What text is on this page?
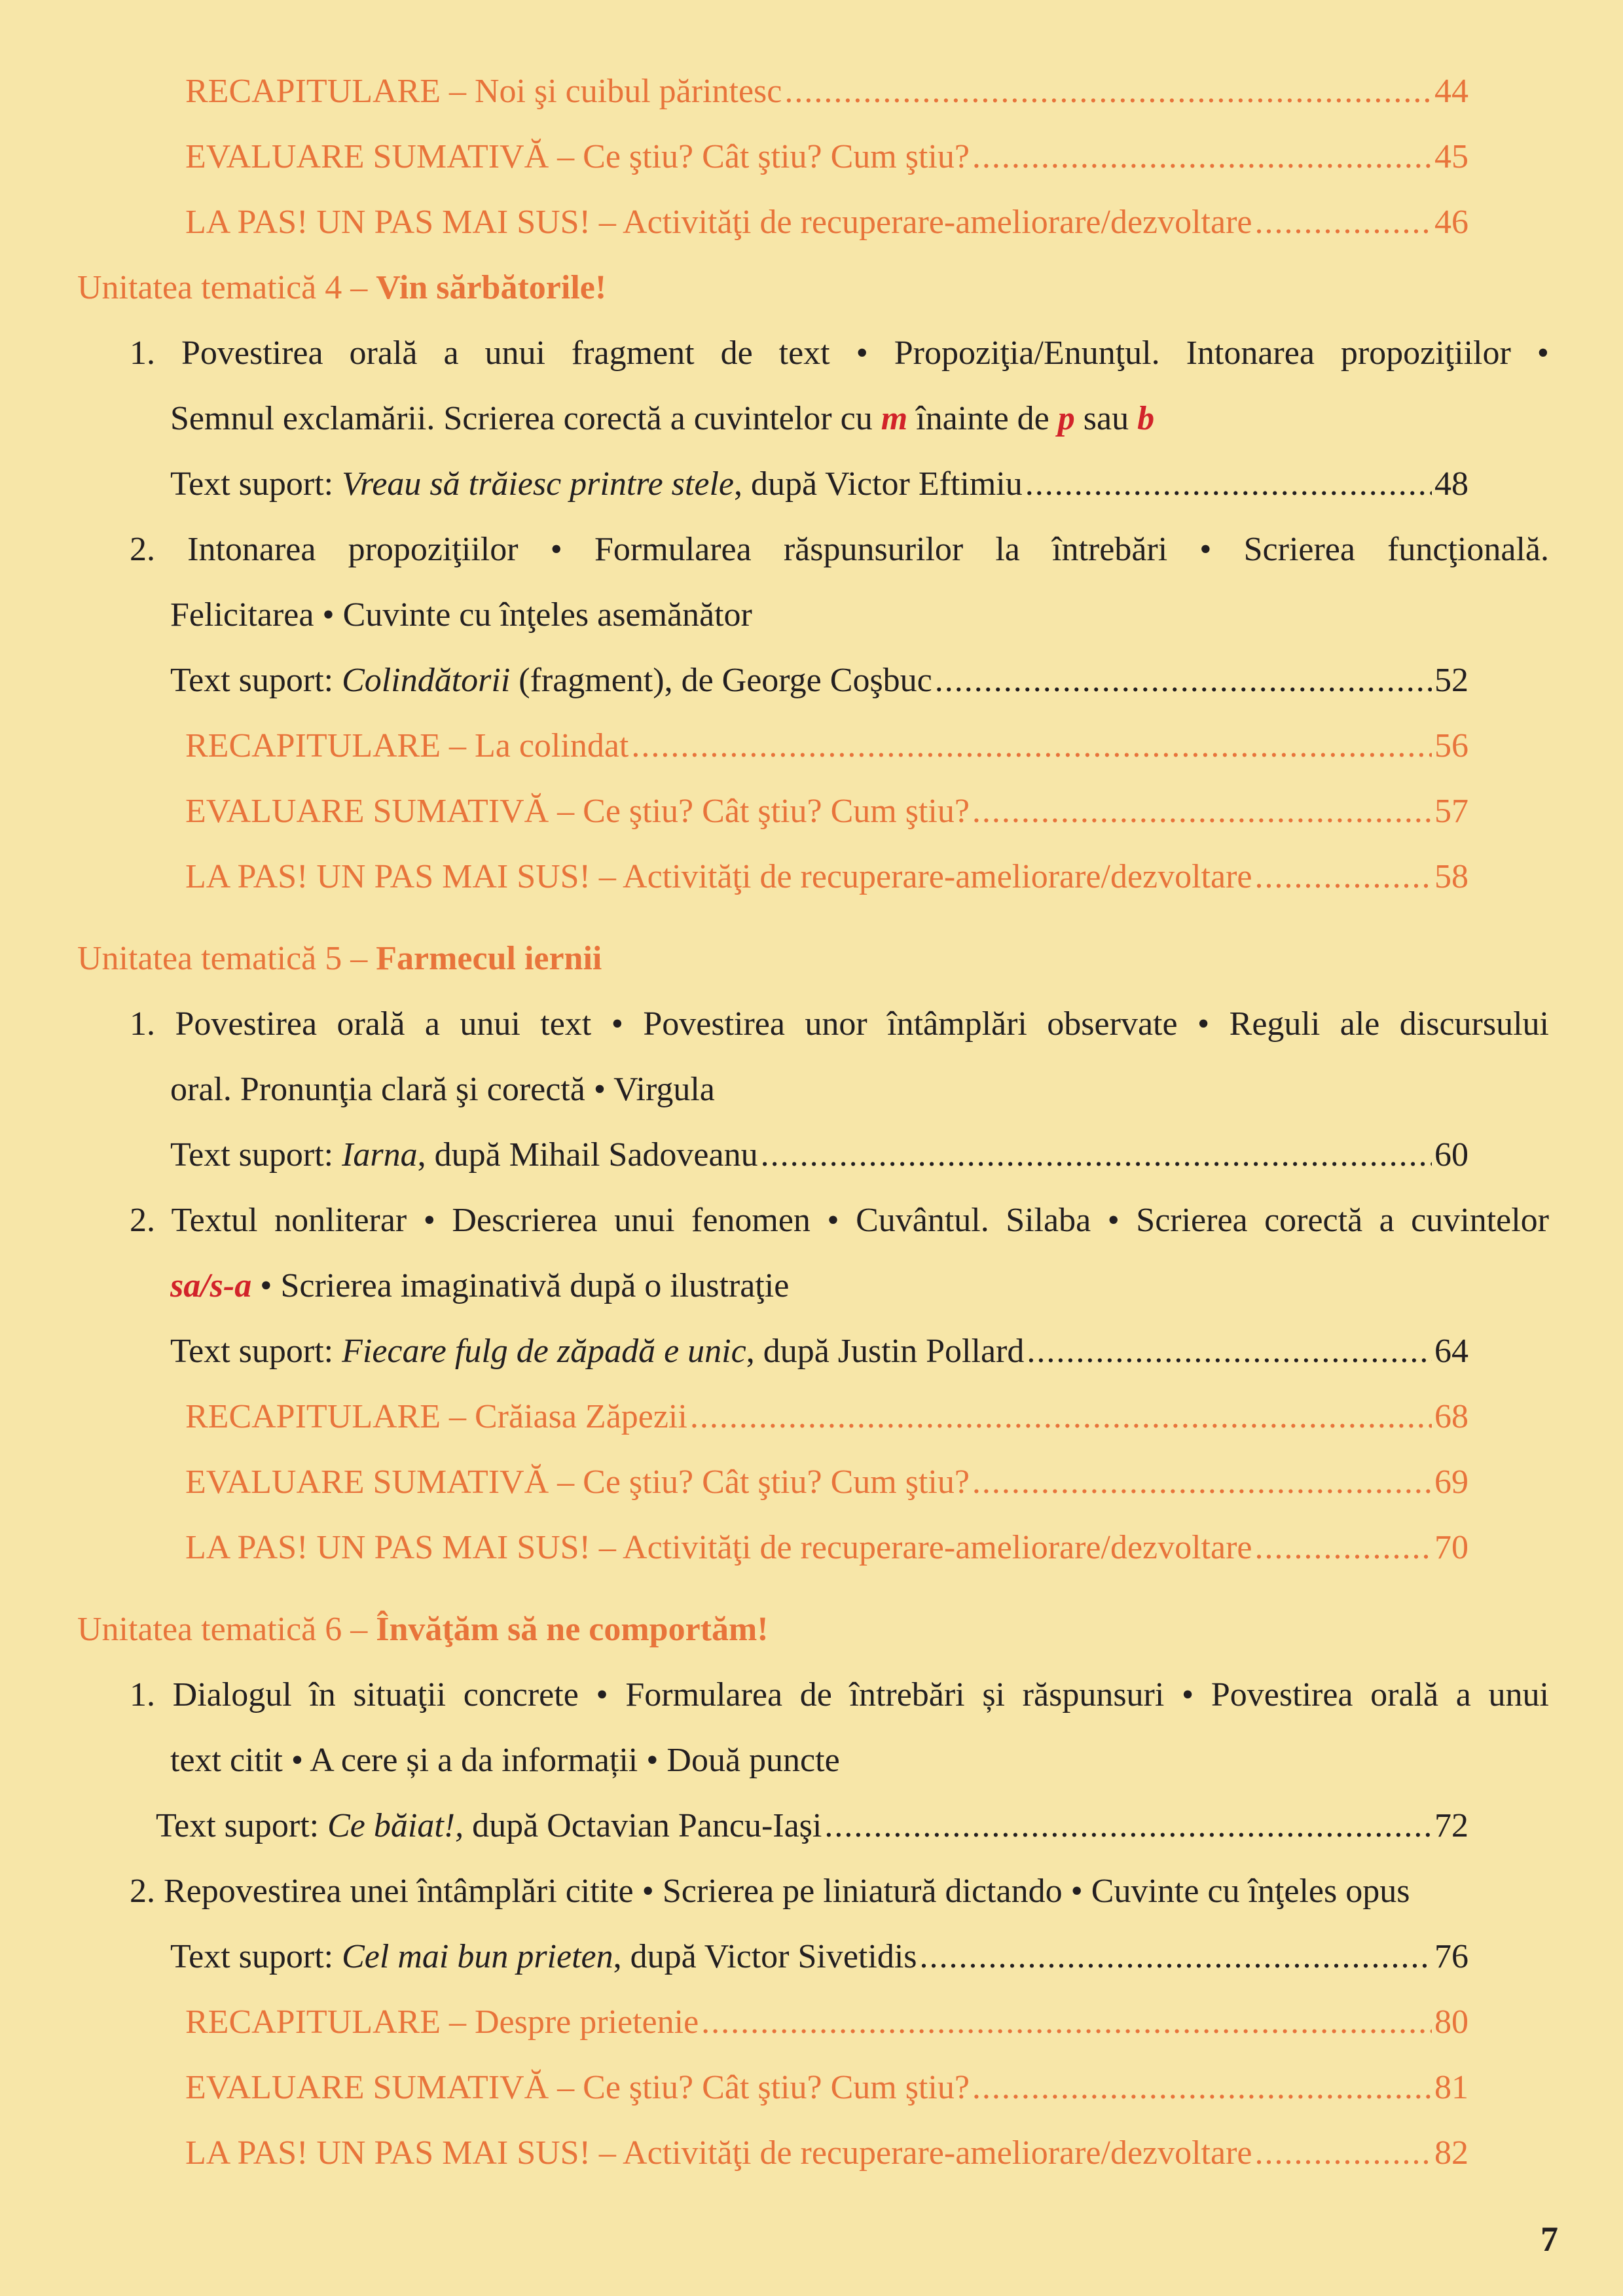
RECAPITULARE – Noi şi cuibul părintesc .....	44
EVALUARE SUMATIVĂ – Ce ştiu? Cât ştiu? Cum ştiu? .....	45
LA PAS! UN PAS MAI SUS! – Activităţi de recuperare-ameliorare/dezvoltare .....	46
Unitatea tematică 4 – Vin sărbătorile!
1. Povestirea orală a unui fragment de text • Propoziţia/Enunţul. Intonarea propoziţiilor •
Semnul exclamării. Scrierea corectă a cuvintelor cu m înainte de p sau b
Text suport: Vreau să trăiesc printre stele, după Victor Eftimiu .....	48
2. Intonarea propoziţiilor • Formularea răspunsurilor la întrebări • Scrierea funcţională.
Felicitarea • Cuvinte cu înţeles asemănător
Text suport: Colindătorii (fragment), de George Coşbuc .....	52
RECAPITULARE – La colindat .....	56
EVALUARE SUMATIVĂ – Ce ştiu? Cât ştiu? Cum ştiu? .....	57
LA PAS! UN PAS MAI SUS! – Activităţi de recuperare-ameliorare/dezvoltare .....	58
Unitatea tematică 5 – Farmecul iernii
1. Povestirea orală a unui text • Povestirea unor întâmplări observate • Reguli ale discursului
oral. Pronunţia clară şi corectă • Virgula
Text suport: Iarna, după Mihail Sadoveanu .....	60
2. Textul nonliterar • Descrierea unui fenomen • Cuvântul. Silaba • Scrierea corectă a cuvintelor
sa/s-a • Scrierea imaginativă după o ilustraţie
Text suport: Fiecare fulg de zăpadă e unic, după Justin Pollard .....	64
RECAPITULARE – Crăiasa Zăpezii .....	68
EVALUARE SUMATIVĂ – Ce ştiu? Cât ştiu? Cum ştiu? .....	69
LA PAS! UN PAS MAI SUS! – Activităţi de recuperare-ameliorare/dezvoltare .....	70
Unitatea tematică 6 – Învăţăm să ne comportăm!
1. Dialogul în situaţii concrete • Formularea de întrebări și răspunsuri • Povestirea orală a unui
text citit • A cere și a da informații • Două puncte
Text suport: Ce băiat!, după Octavian Pancu-Iaşi .....	72
2. Repovestirea unei întâmplări citite • Scrierea pe liniatură dictando • Cuvinte cu înţeles opus
Text suport: Cel mai bun prieten, după Victor Sivetidis .....	76
RECAPITULARE – Despre prietenie .....	80
EVALUARE SUMATIVĂ – Ce ştiu? Cât ştiu? Cum ştiu? .....	81
LA PAS! UN PAS MAI SUS! – Activităţi de recuperare-ameliorare/dezvoltare .....	82
7
